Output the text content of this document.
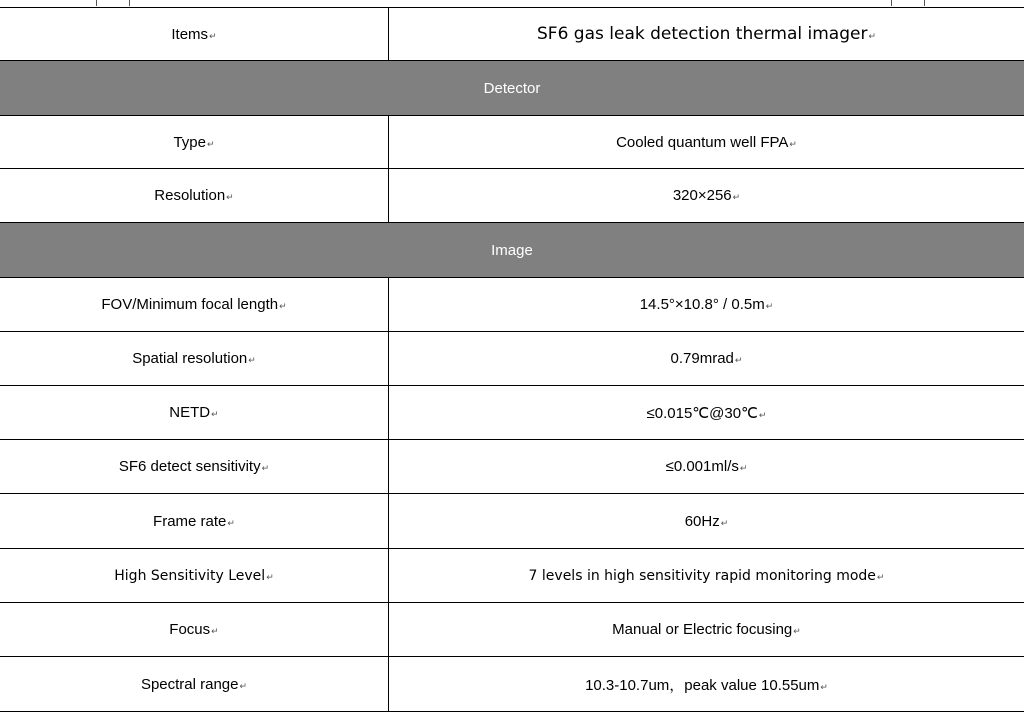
Items↵	SF6 gas leak detection thermal imager↵
Detector	
Type↵	Cooled quantum well FPA↵
Resolution↵	320×256↵
Image	
FOV/Minimum focal length↵	14.5°×10.8° / 0.5m↵
Spatial resolution↵	0.79mrad↵
NETD↵	≤0.015℃@30℃↵
SF6 detect sensitivity↵	≤0.001ml/s↵
Frame rate↵	60Hz↵
High Sensitivity Level↵	7 levels in high sensitivity rapid monitoring mode↵
Focus↵	Manual or Electric focusing↵
Spectral range↵	10.3-10.7um，peak value 10.55um↵
